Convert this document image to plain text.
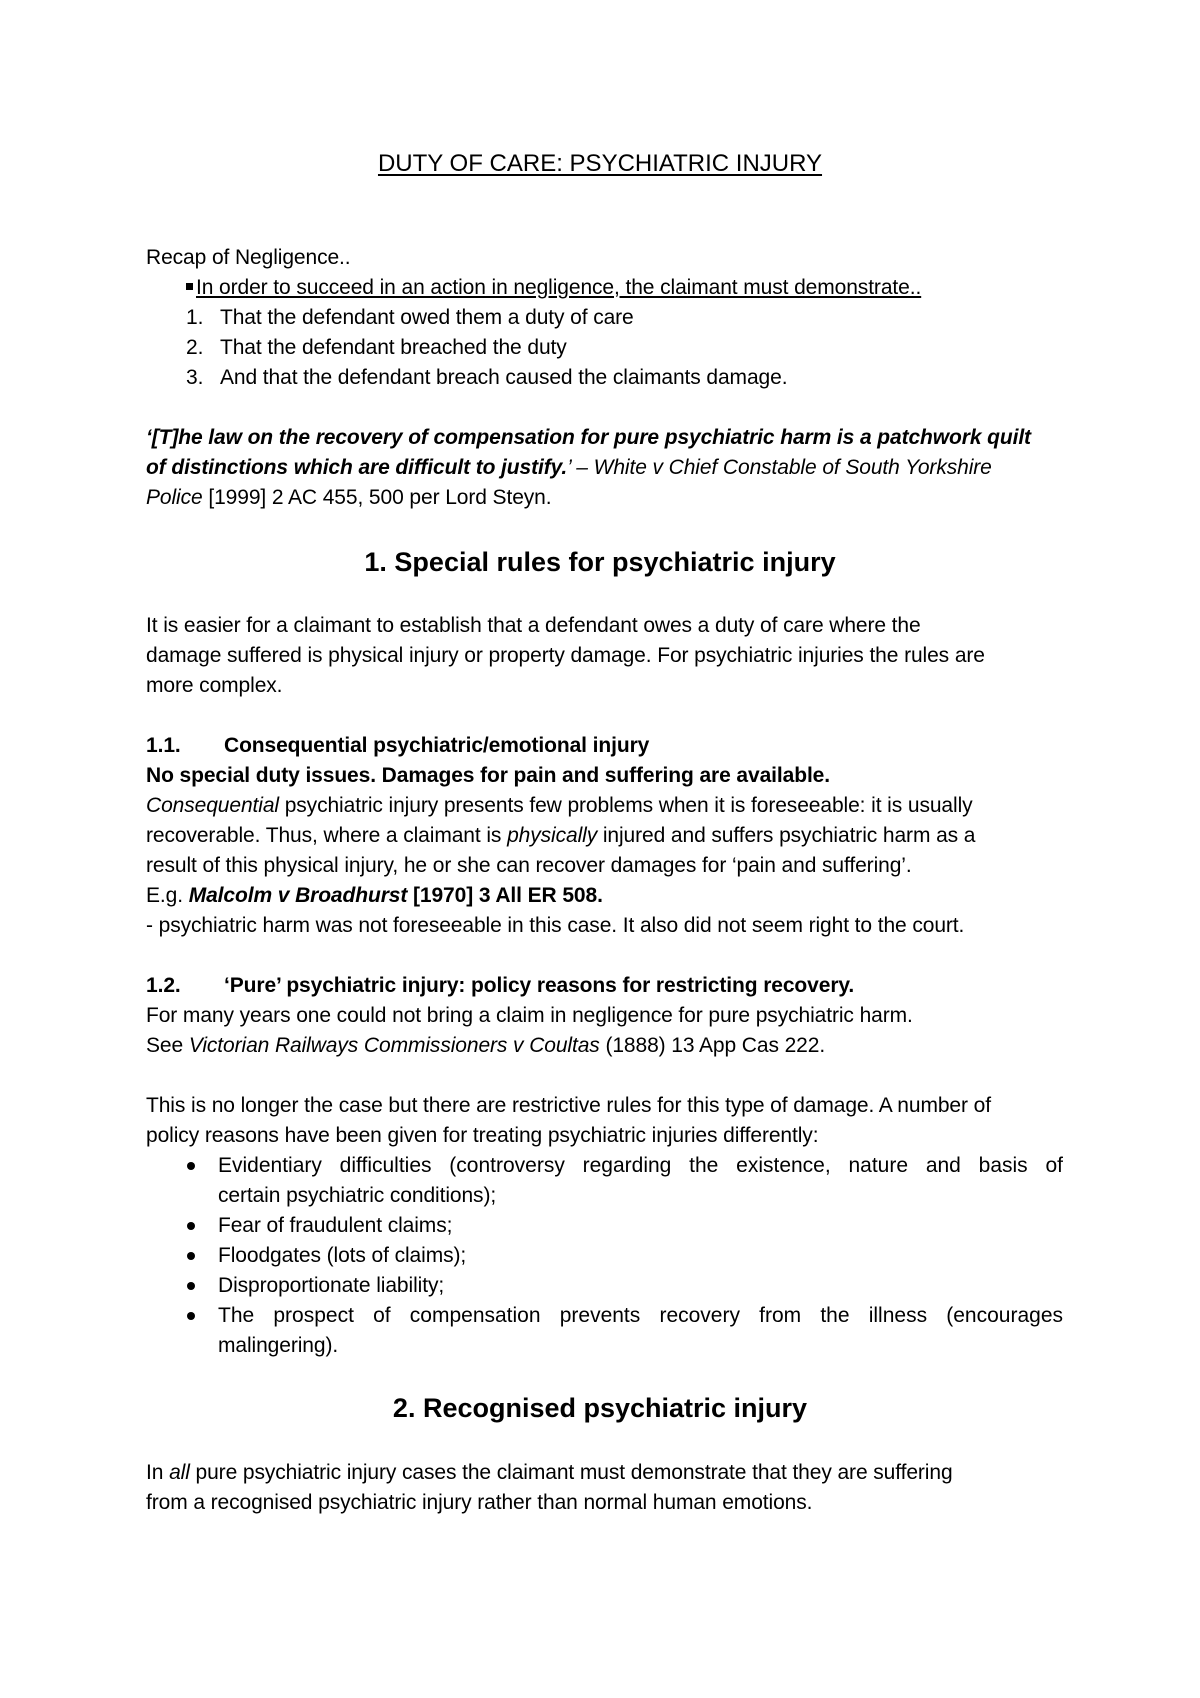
DUTY OF CARE: PSYCHIATRIC INJURY
Recap of Negligence..
In order to succeed in an action in negligence, the claimant must demonstrate..
1. That the defendant owed them a duty of care
2. That the defendant breached the duty
3. And that the defendant breach caused the claimants damage.
‘[T]he law on the recovery of compensation for pure psychiatric harm is a patchwork quilt
of distinctions which are difficult to justify.’ – White v Chief Constable of South Yorkshire
Police [1999] 2 AC 455, 500 per Lord Steyn.
1. Special rules for psychiatric injury
It is easier for a claimant to establish that a defendant owes a duty of care where the
damage suffered is physical injury or property damage. For psychiatric injuries the rules are
more complex.
1.1. Consequential psychiatric/emotional injury
No special duty issues. Damages for pain and suffering are available.
Consequential psychiatric injury presents few problems when it is foreseeable: it is usually
recoverable. Thus, where a claimant is physically injured and suffers psychiatric harm as a
result of this physical injury, he or she can recover damages for ‘pain and suffering’.
E.g. Malcolm v Broadhurst [1970] 3 All ER 508.
- psychiatric harm was not foreseeable in this case. It also did not seem right to the court.
1.2. ‘Pure’ psychiatric injury: policy reasons for restricting recovery.
For many years one could not bring a claim in negligence for pure psychiatric harm.
See Victorian Railways Commissioners v Coultas (1888) 13 App Cas 222.
This is no longer the case but there are restrictive rules for this type of damage. A number of
policy reasons have been given for treating psychiatric injuries differently:
Evidentiary difficulties (controversy regarding the existence, nature and basis of
certain psychiatric conditions);
Fear of fraudulent claims;
Floodgates (lots of claims);
Disproportionate liability;
The prospect of compensation prevents recovery from the illness (encourages
malingering).
2. Recognised psychiatric injury
In all pure psychiatric injury cases the claimant must demonstrate that they are suffering
from a recognised psychiatric injury rather than normal human emotions.
